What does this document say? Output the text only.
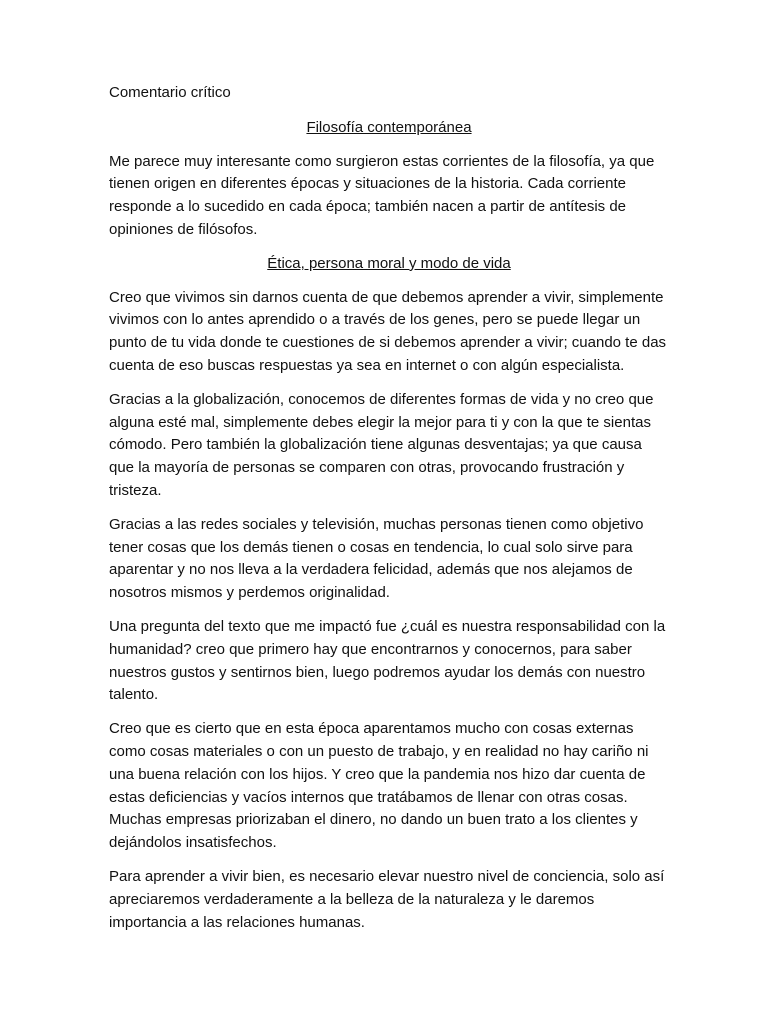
Comentario crítico

Filosofía contemporánea

Me parece muy interesante como surgieron estas corrientes de la filosofía, ya que tienen origen en diferentes épocas y situaciones de la historia. Cada corriente responde a lo sucedido en cada época; también nacen a partir de antítesis de opiniones de filósofos.

Ética, persona moral y modo de vida

Creo que vivimos sin darnos cuenta de que debemos aprender a vivir, simplemente vivimos con lo antes aprendido o a través de los genes, pero se puede llegar un punto de tu vida donde te cuestiones de si debemos aprender a vivir; cuando te das cuenta de eso buscas respuestas ya sea en internet o con algún especialista.

Gracias a la globalización, conocemos de diferentes formas de vida y no creo que alguna esté mal, simplemente debes elegir la mejor para ti y con la que te sientas cómodo. Pero también la globalización tiene algunas desventajas; ya que causa que la mayoría de personas se comparen con otras, provocando frustración y tristeza.

Gracias a las redes sociales y televisión, muchas personas tienen como objetivo tener cosas que los demás tienen o cosas en tendencia, lo cual solo sirve para aparentar y no nos lleva a la verdadera felicidad, además que nos alejamos de nosotros mismos y perdemos originalidad.

Una pregunta del texto que me impactó fue ¿cuál es nuestra responsabilidad con la humanidad? creo que primero hay que encontrarnos y conocernos, para saber nuestros gustos y sentirnos bien, luego podremos ayudar los demás con nuestro talento.

Creo que es cierto que en esta época aparentamos mucho con cosas externas como cosas materiales o con un puesto de trabajo, y en realidad no hay cariño ni una buena relación con los hijos. Y creo que la pandemia nos hizo dar cuenta de estas deficiencias y vacíos internos que tratábamos de llenar con otras cosas. Muchas empresas priorizaban el dinero, no dando un buen trato a los clientes y dejándolos insatisfechos.

Para aprender a vivir bien, es necesario elevar nuestro nivel de conciencia, solo así apreciaremos verdaderamente a la belleza de la naturaleza y le daremos importancia a las relaciones humanas.
